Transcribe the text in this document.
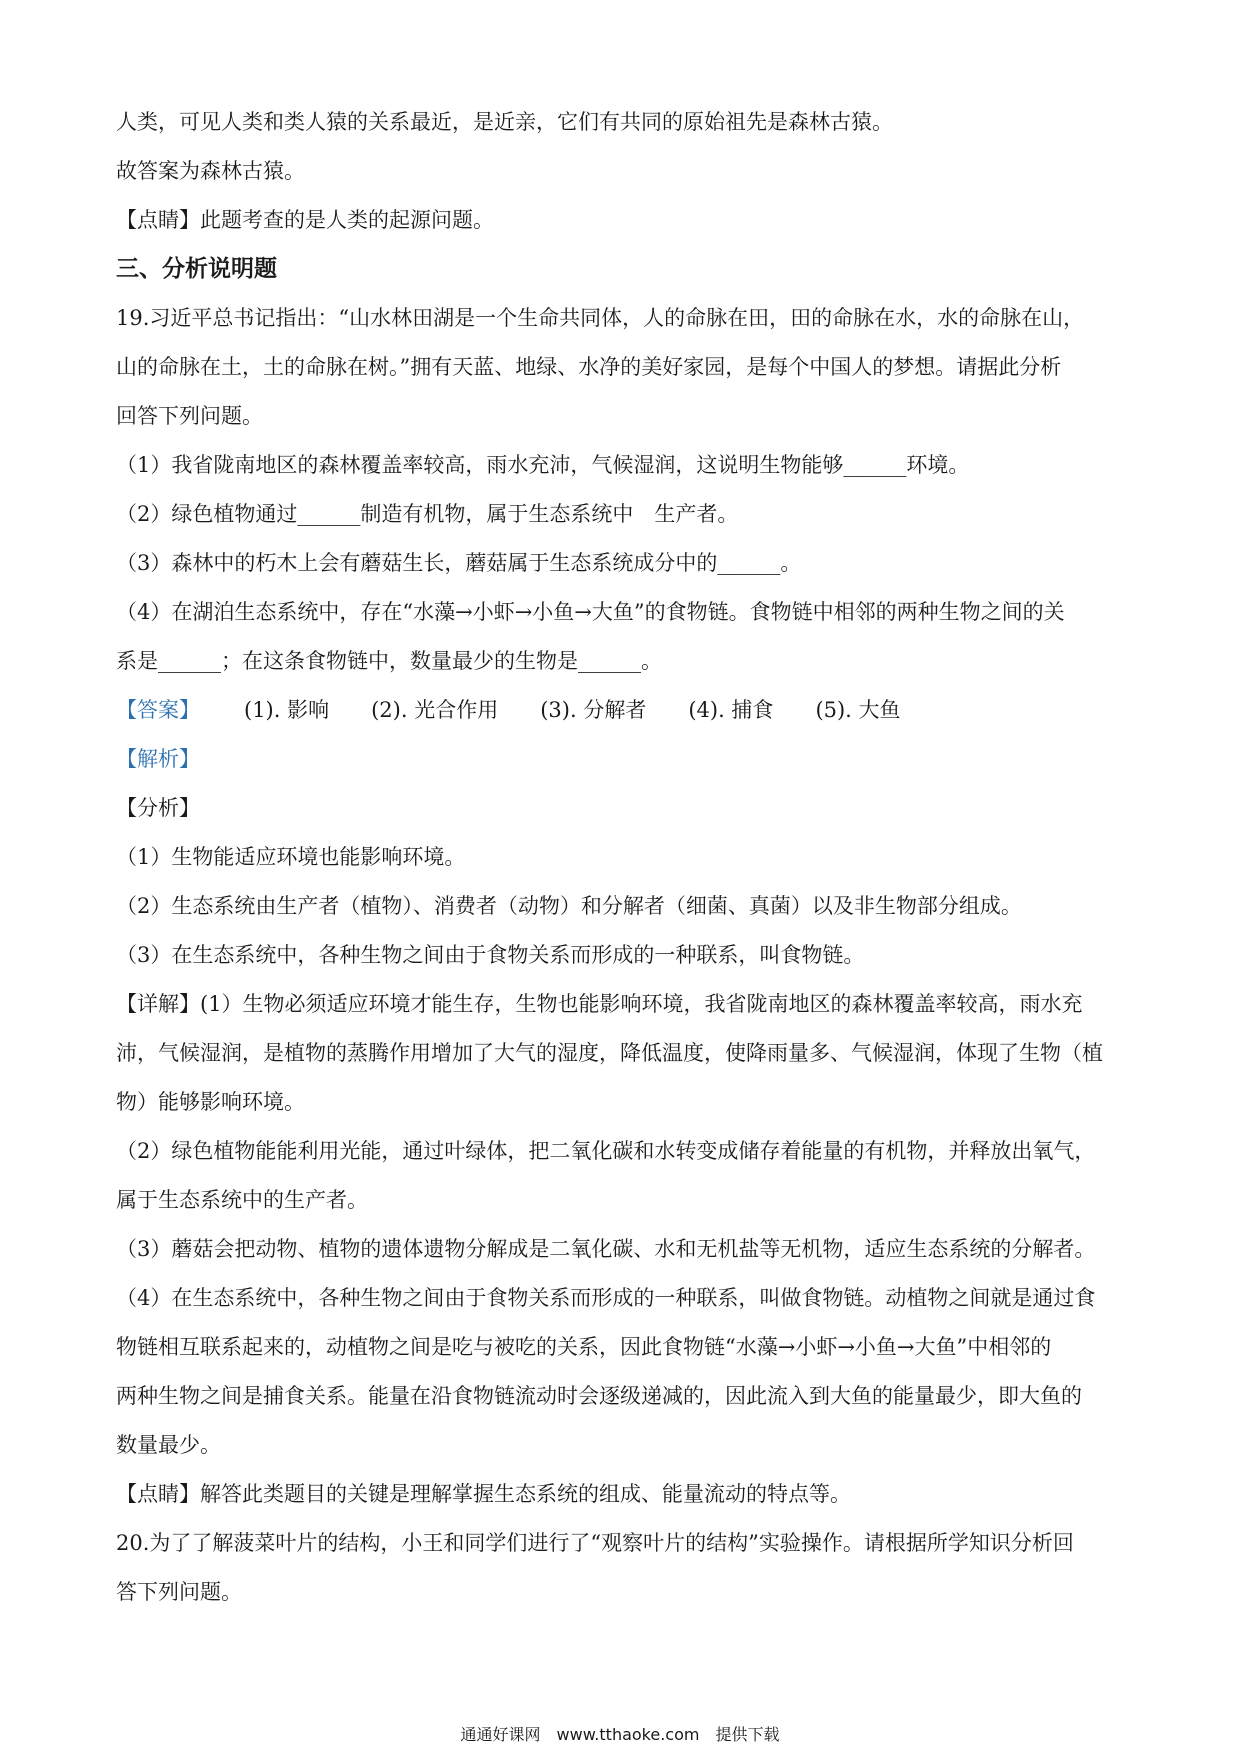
人类，可见人类和类人猿的关系最近，是近亲，它们有共同的原始祖先是森林古猿。
故答案为森林古猿。
【点睛】此题考查的是人类的起源问题。
三、分析说明题
19.习近平总书记指出：“山水林田湖是一个生命共同体，人的命脉在田，田的命脉在水，水的命脉在山，
山的命脉在土，土的命脉在树。”拥有天蓝、地绿、水净的美好家园，是每个中国人的梦想。请据此分析
回答下列问题。
（1）我省陇南地区的森林覆盖率较高，雨水充沛，气候湿润，这说明生物能够______环境。
（2）绿色植物通过______制造有机物，属于生态系统中　生产者。
（3）森林中的朽木上会有蘑菇生长，蘑菇属于生态系统成分中的______。
（4）在湖泊生态系统中，存在“水藻→小虾→小鱼→大鱼”的食物链。食物链中相邻的两种生物之间的关
系是______；在这条食物链中，数量最少的生物是______。
【答案】	(1). 影响 (2). 光合作用 (3). 分解者 (4). 捕食 (5). 大鱼
【解析】
【分析】
（1）生物能适应环境也能影响环境。
（2）生态系统由生产者（植物）、消费者（动物）和分解者（细菌、真菌）以及非生物部分组成。
（3）在生态系统中，各种生物之间由于食物关系而形成的一种联系，叫食物链。
【详解】(1）生物必须适应环境才能生存，生物也能影响环境，我省陇南地区的森林覆盖率较高，雨水充
沛，气候湿润，是植物的蒸腾作用增加了大气的湿度，降低温度，使降雨量多、气候湿润，体现了生物（植
物）能够影响环境。
（2）绿色植物能能利用光能，通过叶绿体，把二氧化碳和水转变成储存着能量的有机物，并释放出氧气，
属于生态系统中的生产者。
（3）蘑菇会把动物、植物的遗体遗物分解成是二氧化碳、水和无机盐等无机物，适应生态系统的分解者。
（4）在生态系统中，各种生物之间由于食物关系而形成的一种联系，叫做食物链。动植物之间就是通过食
物链相互联系起来的，动植物之间是吃与被吃的关系，因此食物链“水藻→小虾→小鱼→大鱼”中相邻的
两种生物之间是捕食关系。能量在沿食物链流动时会逐级递减的，因此流入到大鱼的能量最少，即大鱼的
数量最少。
【点睛】解答此类题目的关键是理解掌握生态系统的组成、能量流动的特点等。
20.为了了解菠菜叶片的结构，小王和同学们进行了“观察叶片的结构”实验操作。请根据所学知识分析回
答下列问题。
通通好课网　www.tthaoke.com　提供下载
